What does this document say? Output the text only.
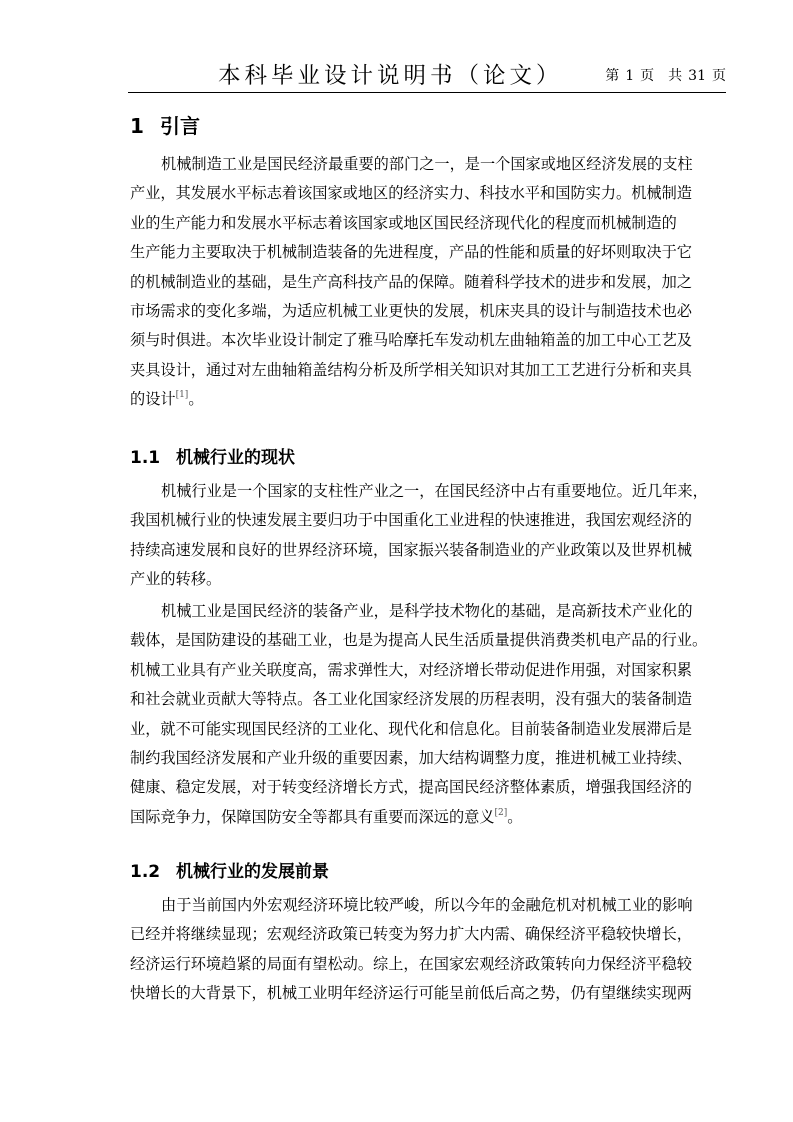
本科毕业设计说明书（论文）	第 1 页 共 31 页
1 引言
机械制造工业是国民经济最重要的部门之一，是一个国家或地区经济发展的支柱
产业，其发展水平标志着该国家或地区的经济实力、科技水平和国防实力。机械制造
业的生产能力和发展水平标志着该国家或地区国民经济现代化的程度而机械制造的
生产能力主要取决于机械制造装备的先进程度，产品的性能和质量的好坏则取决于它
的机械制造业的基础，是生产高科技产品的保障。随着科学技术的进步和发展，加之
市场需求的变化多端，为适应机械工业更快的发展，机床夹具的设计与制造技术也必
须与时俱进。本次毕业设计制定了雅马哈摩托车发动机左曲轴箱盖的加工中心工艺及
夹具设计，通过对左曲轴箱盖结构分析及所学相关知识对其加工工艺进行分析和夹具
的设计[1]。
1.1 机械行业的现状
机械行业是一个国家的支柱性产业之一，在国民经济中占有重要地位。近几年来，
我国机械行业的快速发展主要归功于中国重化工业进程的快速推进，我国宏观经济的
持续高速发展和良好的世界经济环境，国家振兴装备制造业的产业政策以及世界机械
产业的转移。
机械工业是国民经济的装备产业，是科学技术物化的基础，是高新技术产业化的
载体，是国防建设的基础工业，也是为提高人民生活质量提供消费类机电产品的行业。
机械工业具有产业关联度高，需求弹性大，对经济增长带动促进作用强，对国家积累
和社会就业贡献大等特点。各工业化国家经济发展的历程表明，没有强大的装备制造
业，就不可能实现国民经济的工业化、现代化和信息化。目前装备制造业发展滞后是
制约我国经济发展和产业升级的重要因素，加大结构调整力度，推进机械工业持续、
健康、稳定发展，对于转变经济增长方式，提高国民经济整体素质，增强我国经济的
国际竞争力，保障国防安全等都具有重要而深远的意义[2]。
1.2 机械行业的发展前景
由于当前国内外宏观经济环境比较严峻，所以今年的金融危机对机械工业的影响
已经并将继续显现；宏观经济政策已转变为努力扩大内需、确保经济平稳较快增长，
经济运行环境趋紧的局面有望松动。综上，在国家宏观经济政策转向力保经济平稳较
快增长的大背景下，机械工业明年经济运行可能呈前低后高之势，仍有望继续实现两
